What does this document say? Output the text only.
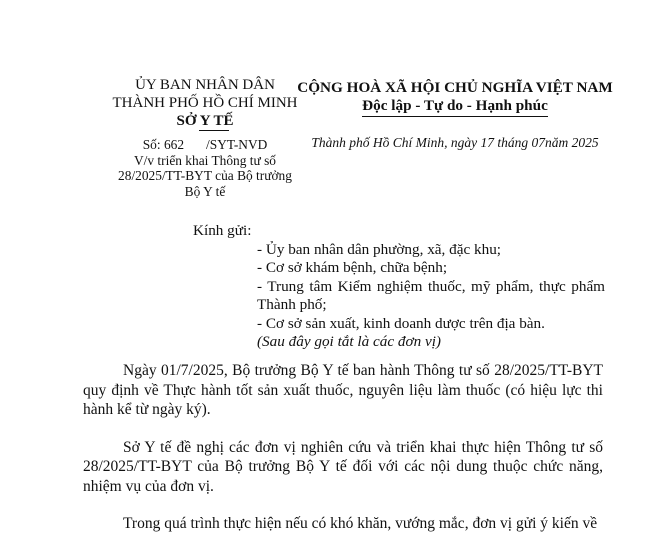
ỦY BAN NHÂN DÂN
THÀNH PHỐ HỒ CHÍ MINH
SỞ Y TẾ
Số: 662 /SYT-NVD
V/v triển khai Thông tư số
28/2025/TT-BYT của Bộ trưởng
Bộ Y tế
CỘNG HOÀ XÃ HỘI CHỦ NGHĨA VIỆT NAM
Độc lập - Tự do - Hạnh phúc
Thành phố Hồ Chí Minh, ngày 17 tháng 07năm 2025
Kính gửi:
- Ủy ban nhân dân phường, xã, đặc khu;
- Cơ sở khám bệnh, chữa bệnh;
- Trung tâm Kiểm nghiệm thuốc, mỹ phẩm, thực phẩm Thành phố;
- Cơ sở sản xuất, kinh doanh dược trên địa bàn.
(Sau đây gọi tắt là các đơn vị)

Ngày 01/7/2025, Bộ trưởng Bộ Y tế ban hành Thông tư số 28/2025/TT-BYT quy định về Thực hành tốt sản xuất thuốc, nguyên liệu làm thuốc (có hiệu lực thi hành kể từ ngày ký).

Sở Y tế đề nghị các đơn vị nghiên cứu và triển khai thực hiện Thông tư số 28/2025/TT-BYT của Bộ trưởng Bộ Y tế đối với các nội dung thuộc chức năng, nhiệm vụ của đơn vị.

Trong quá trình thực hiện nếu có khó khăn, vướng mắc, đơn vị gửi ý kiến về
